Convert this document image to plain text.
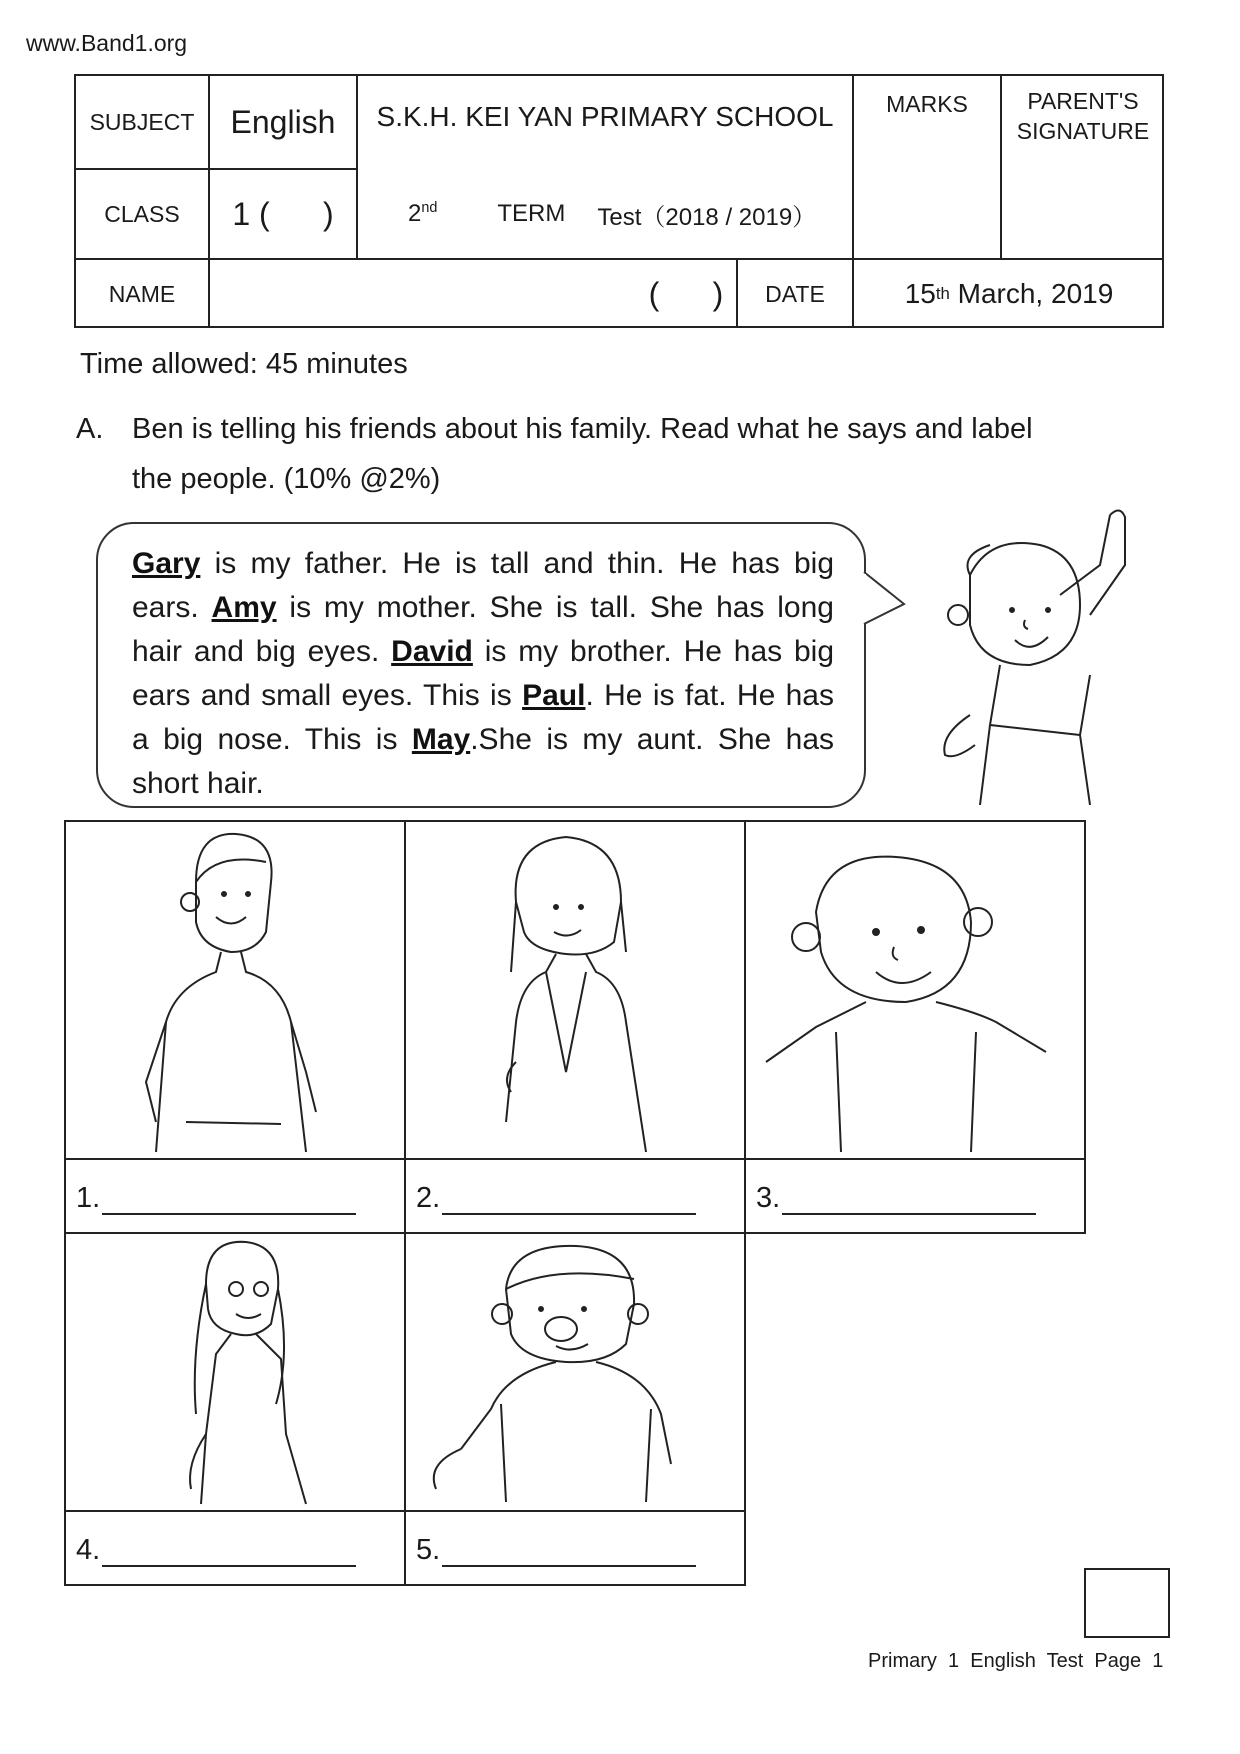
www.Band1.org
SUBJECT	English	S.K.H. KEI YAN PRIMARY SCHOOL	MARKS	PARENT'S
SIGNATURE
CLASS	1 (      )	2nd	TERM Test（2018 / 2019）
NAME	(      )	DATE	15 th March, 2019
Time allowed: 45 minutes
A. Ben is telling his friends about his family. Read what he says and label
the people. (10% @2%)
Gary is my father. He is tall and thin. He has big ears. Amy is my mother. She is tall. She has long hair and big eyes. David is my brother. He has big ears and small eyes. This is Paul. He is fat. He has a big nose. This is May.She is my aunt. She has short hair.
1.	2.	3.
4.	5.
Primary  1  English  Test  Page  1
